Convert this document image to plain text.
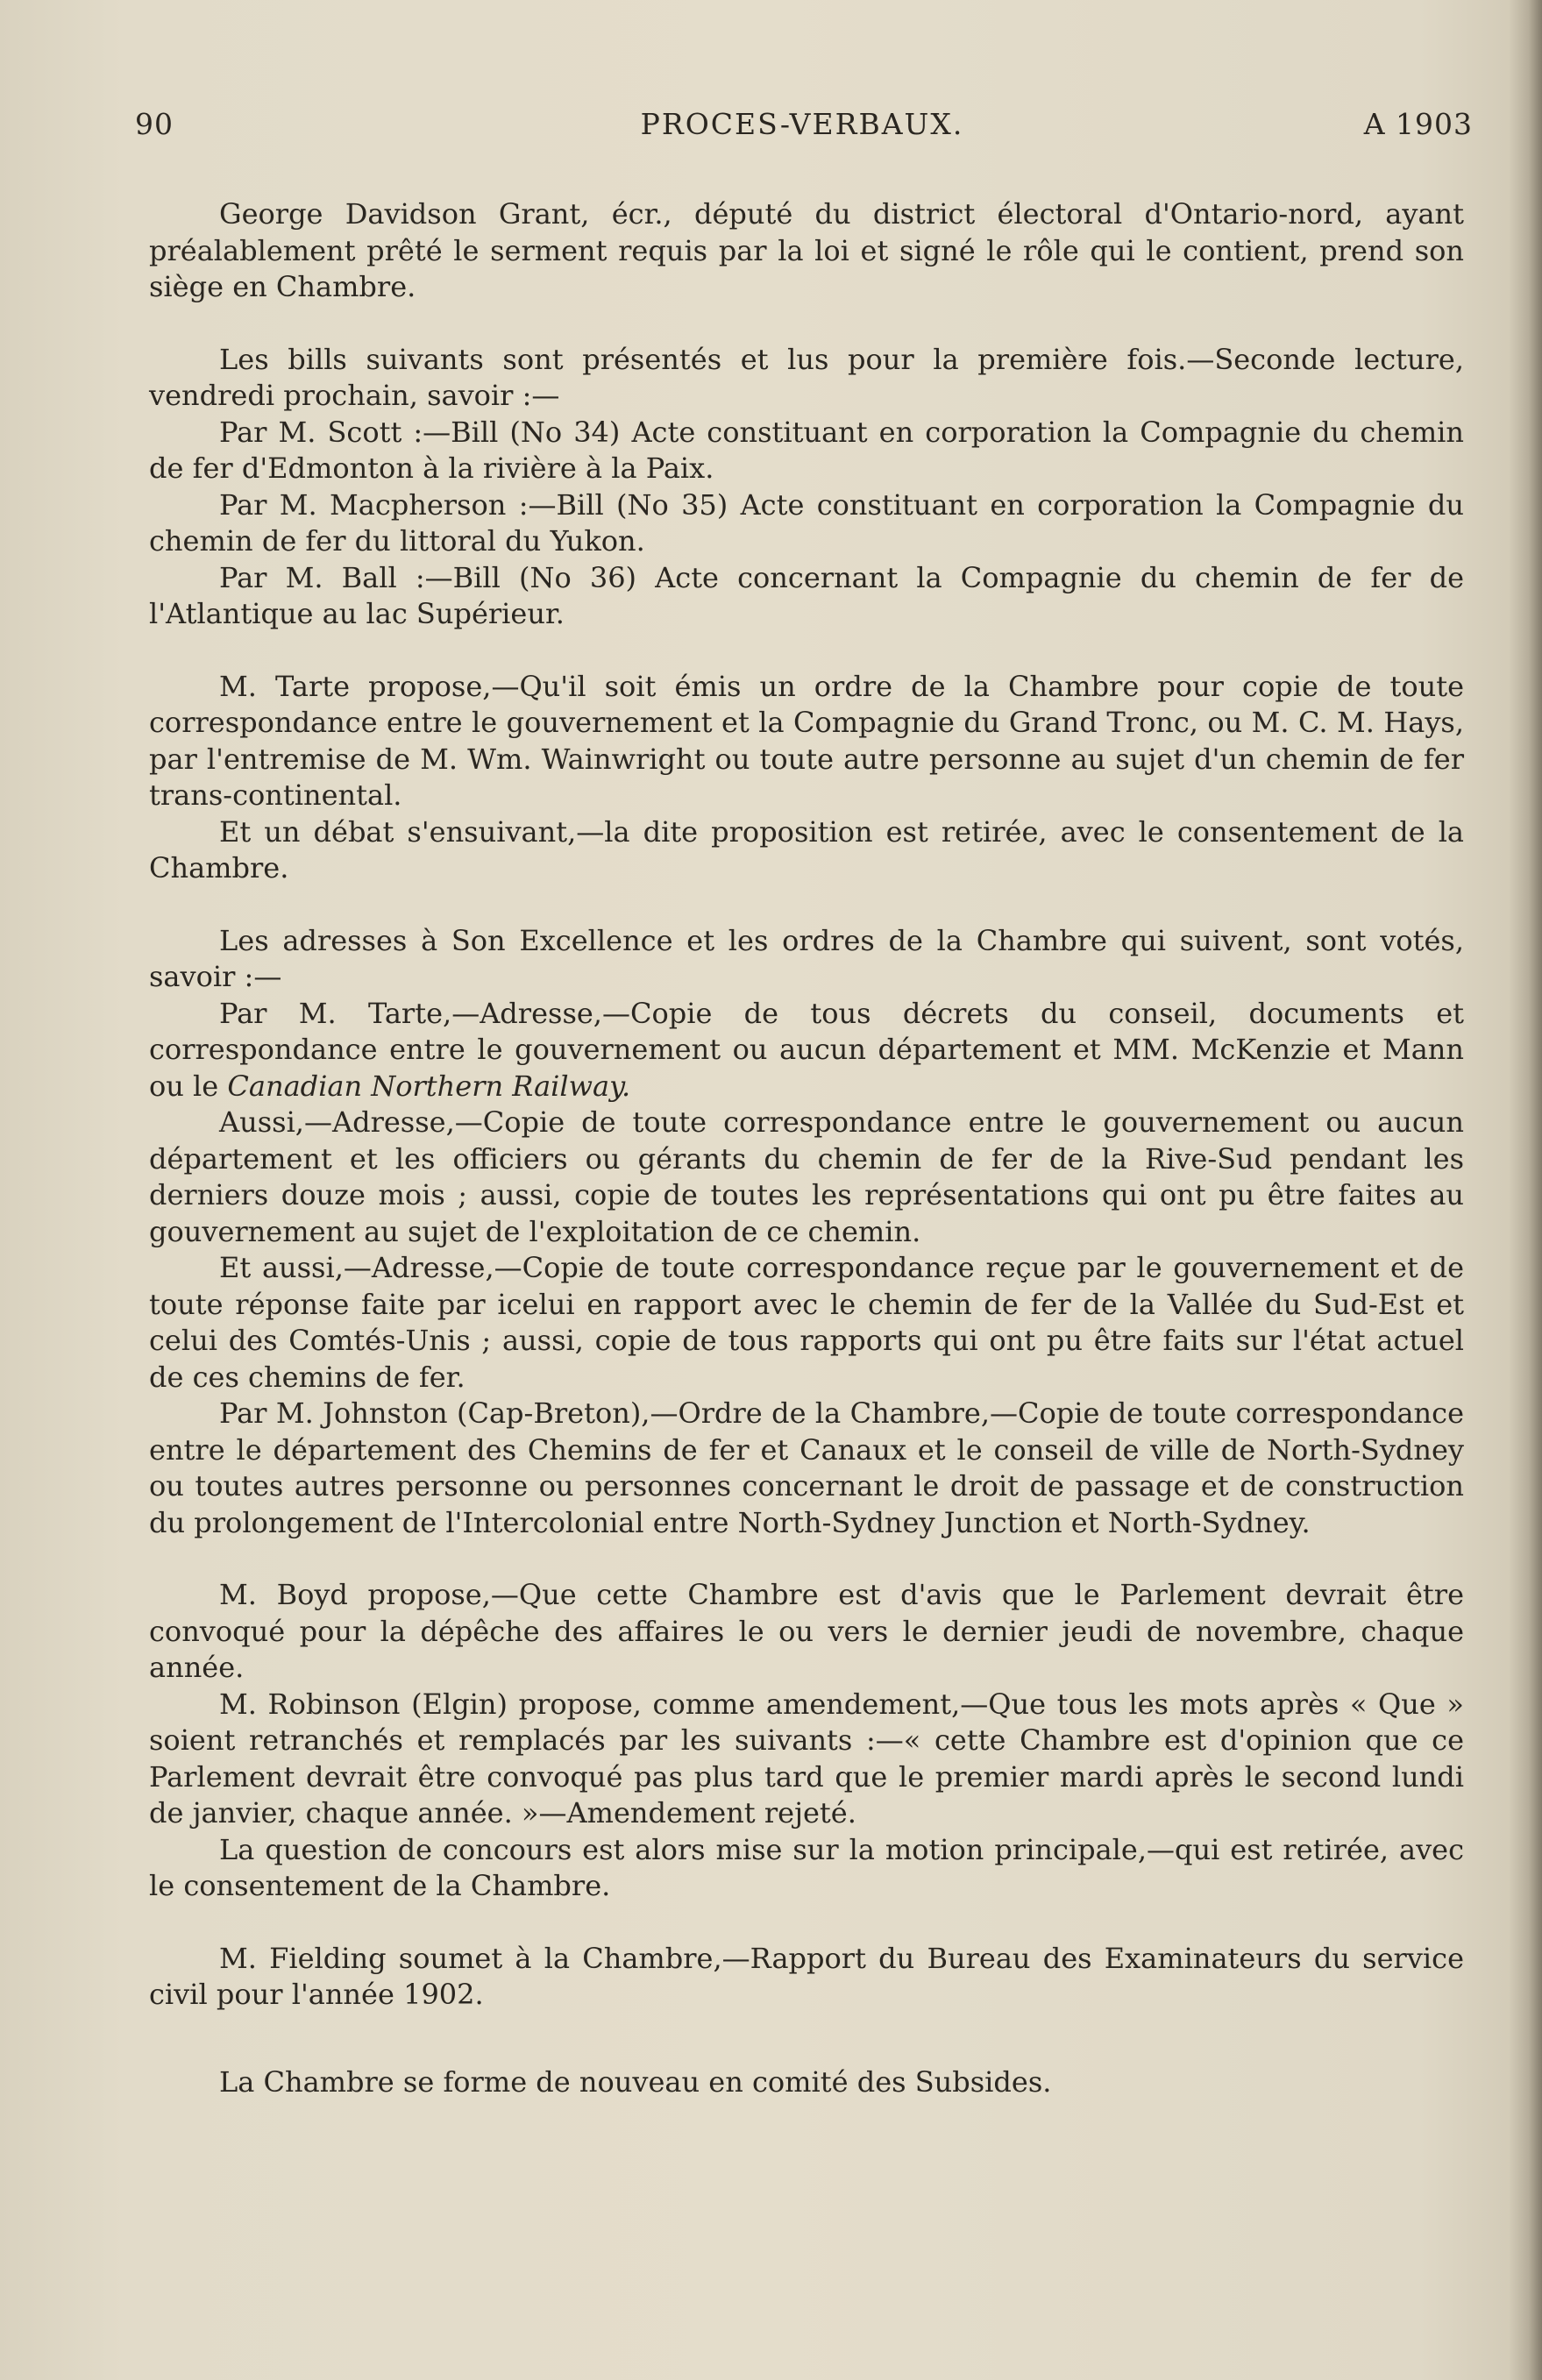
90	PROCES-VERBAUX.	A 1903

George Davidson Grant, écr., député du district électoral d'Ontario-nord, ayant préalablement prêté le serment requis par la loi et signé le rôle qui le contient, prend son siège en Chambre.

Les bills suivants sont présentés et lus pour la première fois.—Seconde lecture, vendredi prochain, savoir :—

Par M. Scott :—Bill (No 34) Acte constituant en corporation la Compagnie du chemin de fer d'Edmonton à la rivière à la Paix.

Par M. Macpherson :—Bill (No 35) Acte constituant en corporation la Compagnie du chemin de fer du littoral du Yukon.

Par M. Ball :—Bill (No 36) Acte concernant la Compagnie du chemin de fer de l'Atlantique au lac Supérieur.

M. Tarte propose,—Qu'il soit émis un ordre de la Chambre pour copie de toute correspondance entre le gouvernement et la Compagnie du Grand Tronc, ou M. C. M. Hays, par l'entremise de M. Wm. Wainwright ou toute autre personne au sujet d'un chemin de fer trans-continental.

Et un débat s'ensuivant,—la dite proposition est retirée, avec le consentement de la Chambre.

Les adresses à Son Excellence et les ordres de la Chambre qui suivent, sont votés, savoir :—

Par M. Tarte,—Adresse,—Copie de tous décrets du conseil, documents et correspondance entre le gouvernement ou aucun département et MM. McKenzie et Mann ou le Canadian Northern Railway.

Aussi,—Adresse,—Copie de toute correspondance entre le gouvernement ou aucun département et les officiers ou gérants du chemin de fer de la Rive-Sud pendant les derniers douze mois ; aussi, copie de toutes les représentations qui ont pu être faites au gouvernement au sujet de l'exploitation de ce chemin.

Et aussi,—Adresse,—Copie de toute correspondance reçue par le gouvernement et de toute réponse faite par icelui en rapport avec le chemin de fer de la Vallée du Sud-Est et celui des Comtés-Unis ; aussi, copie de tous rapports qui ont pu être faits sur l'état actuel de ces chemins de fer.

Par M. Johnston (Cap-Breton),—Ordre de la Chambre,—Copie de toute correspondance entre le département des Chemins de fer et Canaux et le conseil de ville de North-Sydney ou toutes autres personne ou personnes concernant le droit de passage et de construction du prolongement de l'Intercolonial entre North-Sydney Junction et North-Sydney.

M. Boyd propose,—Que cette Chambre est d'avis que le Parlement devrait être convoqué pour la dépêche des affaires le ou vers le dernier jeudi de novembre, chaque année.

M. Robinson (Elgin) propose, comme amendement,—Que tous les mots après « Que » soient retranchés et remplacés par les suivants :—« cette Chambre est d'opinion que ce Parlement devrait être convoqué pas plus tard que le premier mardi après le second lundi de janvier, chaque année. »—Amendement rejeté.

La question de concours est alors mise sur la motion principale,—qui est retirée, avec le consentement de la Chambre.

M. Fielding soumet à la Chambre,—Rapport du Bureau des Examinateurs du service civil pour l'année 1902.

La Chambre se forme de nouveau en comité des Subsides.
